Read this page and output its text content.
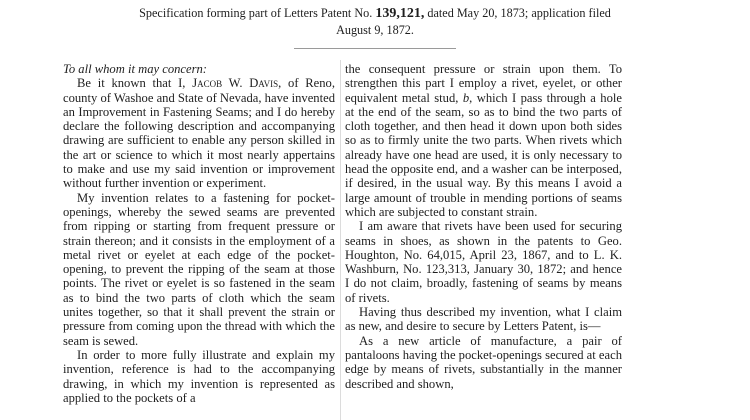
Specification forming part of Letters Patent No. 139,121, dated May 20, 1873; application filed
August 9, 1872.

To all whom it may concern:

Be it known that I, Jacob W. Davis, of Reno, county of Washoe and State of Nevada, have invented an Improvement in Fastening Seams; and I do hereby declare the following description and accompanying drawing are sufficient to enable any person skilled in the art or science to which it most nearly appertains to make and use my said invention or improvement without further invention or experiment.

My invention relates to a fastening for pocket-openings, whereby the sewed seams are prevented from ripping or starting from frequent pressure or strain thereon; and it consists in the employment of a metal rivet or eyelet at each edge of the pocket-opening, to prevent the ripping of the seam at those points. The rivet or eyelet is so fastened in the seam as to bind the two parts of cloth which the seam unites together, so that it shall prevent the strain or pressure from coming upon the thread with which the seam is sewed.

In order to more fully illustrate and explain my invention, reference is had to the accompanying drawing, in which my invention is represented as applied to the pockets of a

the consequent pressure or strain upon them. To strengthen this part I employ a rivet, eyelet, or other equivalent metal stud, b, which I pass through a hole at the end of the seam, so as to bind the two parts of cloth together, and then head it down upon both sides so as to firmly unite the two parts. When rivets which already have one head are used, it is only necessary to head the opposite end, and a washer can be interposed, if desired, in the usual way. By this means I avoid a large amount of trouble in mending portions of seams which are subjected to constant strain.

I am aware that rivets have been used for securing seams in shoes, as shown in the patents to Geo. Houghton, No. 64,015, April 23, 1867, and to L. K. Washburn, No. 123,313, January 30, 1872; and hence I do not claim, broadly, fastening of seams by means of rivets.

Having thus described my invention, what I claim as new, and desire to secure by Letters Patent, is—

As a new article of manufacture, a pair of pantaloons having the pocket-openings secured at each edge by means of rivets, substantially in the manner described and shown,
